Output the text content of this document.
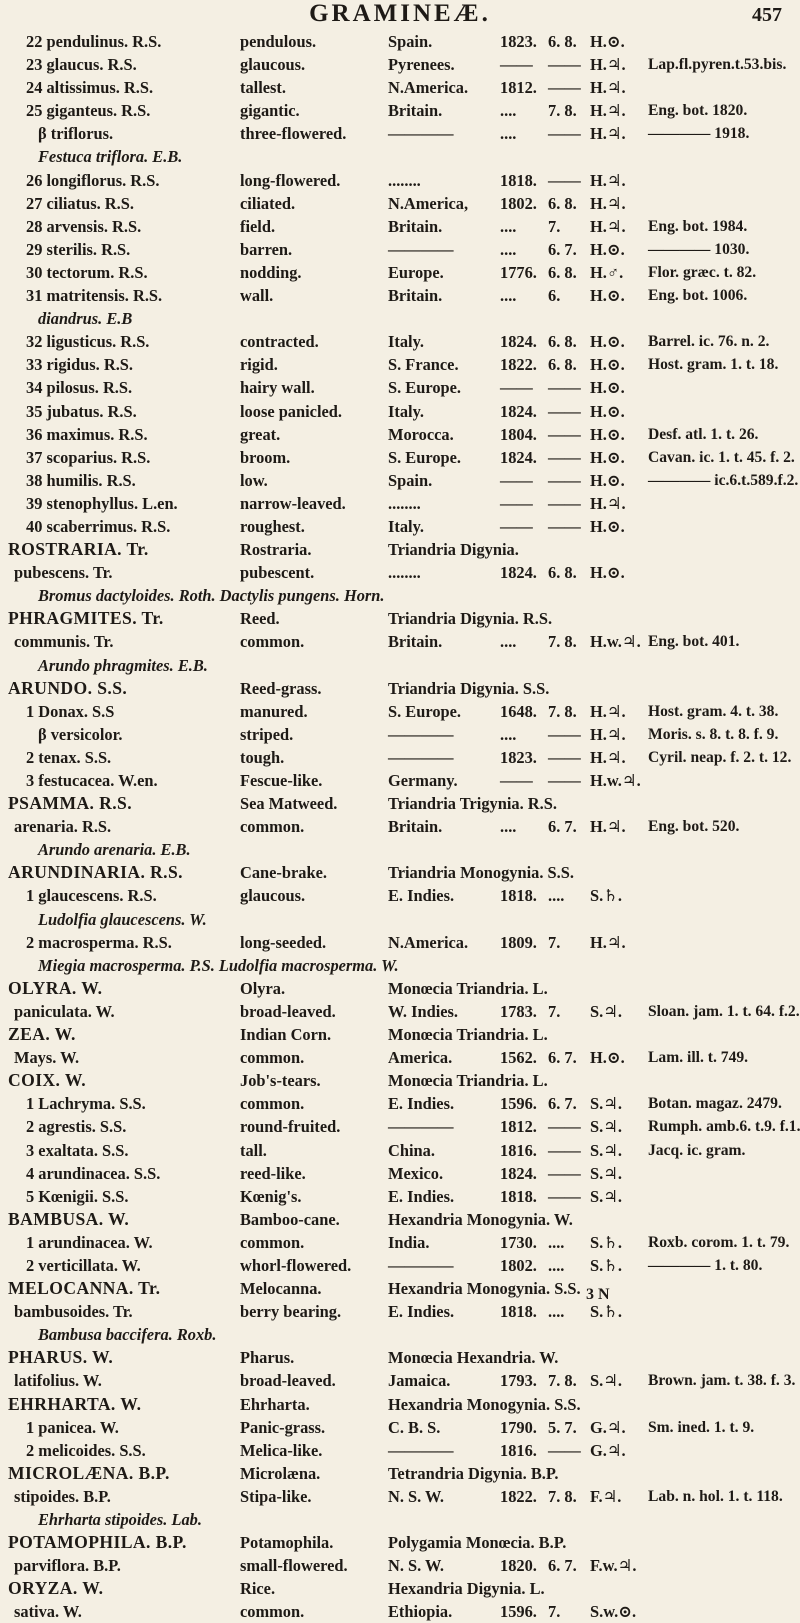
GRAMINEÆ.	457
22 pendulinus. R.S.	pendulous.	Spain.	1823. 6. 8. H.⊙.
23 glaucus. R.S.	glaucous.	Pyrenees.	—— —— H.♃. Lap.fl.pyren.t.53.bis.
24 altissimus. R.S.	tallest.	N.America. 1812. —— H.♃.
25 giganteus. R.S.	gigantic.	Britain.	.... 7. 8. H.♃. Eng. bot. 1820.
β triflorus.	three-flowered.	————	.... —— H.♃. ———— 1918.
Festuca triflora. E.B.
26 longiflorus. R.S.	long-flowered.	........	1818. —— H.♃.
27 ciliatus. R.S.	ciliated.	N.America, 1802. 6. 8. H.♃.
28 arvensis. R.S.	field.	Britain.	.... 7. H.♃. Eng. bot. 1984.
29 sterilis. R.S.	barren.	————	.... 6. 7. H.⊙. ———— 1030.
30 tectorum. R.S.	nodding.	Europe.	1776. 6. 8. H.♂. Flor. græc. t. 82.
31 matritensis. R.S.	wall.	Britain.	.... 6. H.⊙. Eng. bot. 1006.
diandrus. E.B
32 ligusticus. R.S.	contracted.	Italy.	1824. 6. 8. H.⊙. Barrel. ic. 76. n. 2.
33 rigidus. R.S.	rigid.	S. France.	1822. 6. 8. H.⊙. Host. gram. 1. t. 18.
34 pilosus. R.S.	hairy wall.	S. Europe. —— —— H.⊙.
35 jubatus. R.S.	loose panicled.	Italy.	1824. —— H.⊙.
36 maximus. R.S.	great.	Morocca.	1804. —— H.⊙. Desf. atl. 1. t. 26.
37 scoparius. R.S.	broom.	S. Europe. 1824. —— H.⊙. Cavan. ic. 1. t. 45. f. 2.
38 humilis. R.S.	low.	Spain.	—— —— H.⊙. ———— ic.6.t.589.f.2.
39 stenophyllus. L.en.	narrow-leaved.	........	—— —— H.♃.
40 scaberrimus. R.S.	roughest.	Italy.	—— —— H.⊙.
ROSTRARIA. Tr.	Rostraria.	Triandria Digynia.
pubescens. Tr.	pubescent.	........	1824. 6. 8. H.⊙.
Bromus dactyloides. Roth. Dactylis pungens. Horn.
PHRAGMITES. Tr.	Reed.	Triandria Digynia. R.S.
communis. Tr.	common.	Britain.	.... 7. 8. H.w.♃. Eng. bot. 401.
Arundo phragmites. E.B.
ARUNDO. S.S.	Reed-grass.	Triandria Digynia. S.S.
1 Donax. S.S	manured.	S. Europe. 1648. 7. 8. H.♃. Host. gram. 4. t. 38.
β versicolor.	striped.	————	.... —— H.♃. Moris. s. 8. t. 8. f. 9.
2 tenax. S.S.	tough.	————	1823. —— H.♃. Cyril. neap. f. 2. t. 12.
3 festucacea. W.en.	Fescue-like.	Germany.	—— —— H.w.♃.
PSAMMA. R.S.	Sea Matweed.	Triandria Trigynia. R.S.
arenaria. R.S.	common.	Britain.	.... 6. 7. H.♃. Eng. bot. 520.
Arundo arenaria. E.B.
ARUNDINARIA. R.S.	Cane-brake.	Triandria Monogynia. S.S.
1 glaucescens. R.S.	glaucous.	E. Indies.	1818. .... S.♄.
Ludolfia glaucescens. W.
2 macrosperma. R.S.	long-seeded.	N.America. 1809. 7. H.♃.
Miegia macrosperma. P.S. Ludolfia macrosperma. W.
OLYRA. W.	Olyra.	Monœcia Triandria. L.
paniculata. W.	broad-leaved.	W. Indies.	1783. 7. S.♃. Sloan. jam. 1. t. 64. f.2.
ZEA. W.	Indian Corn.	Monœcia Triandria. L.
Mays. W.	common.	America.	1562. 6. 7. H.⊙. Lam. ill. t. 749.
COIX. W.	Job's-tears.	Monœcia Triandria. L.
1 Lachryma. S.S.	common.	E. Indies.	1596. 6. 7. S.♃. Botan. magaz. 2479.
2 agrestis. S.S.	round-fruited.	————	1812. —— S.♃. Rumph. amb.6. t.9. f.1.
3 exaltata. S.S.	tall.	China.	1816. —— S.♃. Jacq. ic. gram.
4 arundinacea. S.S.	reed-like.	Mexico.	1824. —— S.♃.
5 Kœnigii. S.S.	Kœnig's.	E. Indies.	1818. —— S.♃.
BAMBUSA. W.	Bamboo-cane.	Hexandria Monogynia. W.
1 arundinacea. W.	common.	India.	1730. .... S.♄. Roxb. corom. 1. t. 79.
2 verticillata. W.	whorl-flowered. ————	1802. .... S.♄. ———— 1. t. 80.
MELOCANNA. Tr.	Melocanna.	Hexandria Monogynia. S.S.
bambusoides. Tr.	berry bearing.	E. Indies.	1818. .... S.♄.
Bambusa baccifera. Roxb.
PHARUS. W.	Pharus.	Monœcia Hexandria. W.
latifolius. W.	broad-leaved.	Jamaica.	1793. 7. 8. S.♃. Brown. jam. t. 38. f. 3.
EHRHARTA. W.	Ehrharta.	Hexandria Monogynia. S.S.
1 panicea. W.	Panic-grass.	C. B. S.	1790. 5. 7. G.♃. Sm. ined. 1. t. 9.
2 melicoides. S.S.	Melica-like.	————	1816. —— G.♃.
MICROLÆNA. B.P.	Microlæna.	Tetrandria Digynia. B.P.
stipoides. B.P.	Stipa-like.	N. S. W.	1822. 7. 8. F.♃. Lab. n. hol. 1. t. 118.
Ehrharta stipoides. Lab.
POTAMOPHILA. B.P.	Potamophila.	Polygamia Monœcia. B.P.
parviflora. B.P.	small-flowered. N. S. W.	1820. 6. 7. F.w.♃.
ORYZA. W.	Rice.	Hexandria Digynia. L.
sativa. W.	common.	Ethiopia.	1596. 7. S.w.⊙.
3 N
